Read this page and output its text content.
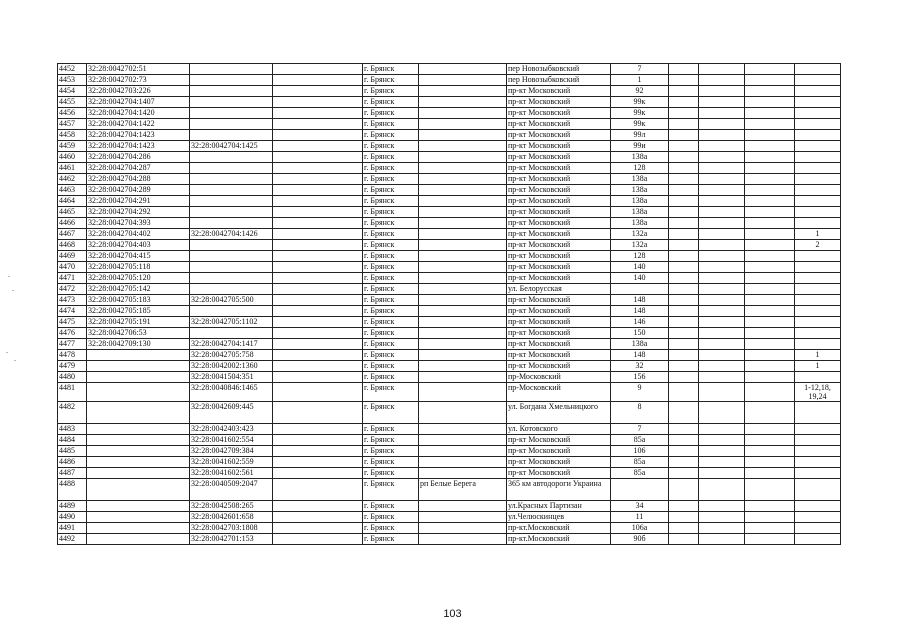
4452	32:28:0042702:51			г. Брянск		пер Новозыбковский	7				
4453	32:28:0042702:73			г. Брянск		пер Новозыбковский	1				
4454	32:28:0042703:226			г. Брянск		пр-кт Московский	92				
4455	32:28:0042704:1407			г. Брянск		пр-кт Московский	99к				
4456	32:28:0042704:1420			г. Брянск		пр-кт Московский	99к				
4457	32:28:0042704:1422			г. Брянск		пр-кт Московский	99к				
4458	32:28:0042704:1423			г. Брянск		пр-кт Московский	99л				
4459	32:28:0042704:1423	32:28:0042704:1425		г. Брянск		пр-кт Московский	99и				
4460	32:28:0042704:286			г. Брянск		пр-кт Московский	138а				
4461	32:28:0042704:287			г. Брянск		пр-кт Московский	128				
4462	32:28:0042704:288			г. Брянск		пр-кт Московский	138а				
4463	32:28:0042704:289			г. Брянск		пр-кт Московский	138а				
4464	32:28:0042704:291			г. Брянск		пр-кт Московский	138а				
4465	32:28:0042704:292			г. Брянск		пр-кт Московский	138а				
4466	32:28:0042704:393			г. Брянск		пр-кт Московский	138а				
4467	32:28:0042704:402	32:28:0042704:1426		г. Брянск		пр-кт Московский	132а				1
4468	32:28:0042704:403			г. Брянск		пр-кт Московский	132а				2
4469	32:28:0042704:415			г. Брянск		пр-кт Московский	128				
4470	32:28:0042705:118			г. Брянск		пр-кт Московский	140				
4471	32:28:0042705:120			г. Брянск		пр-кт Московский	140				
4472	32:28:0042705:142			г. Брянск		ул. Белорусская					
4473	32:28:0042705:183	32:28:0042705:500		г. Брянск		пр-кт Московский	148				
4474	32:28:0042705:185			г. Брянск		пр-кт Московский	148				
4475	32:28:0042705:191	32:28:0042705:1102		г. Брянск		пр-кт Московский	146				
4476	32:28:0042706:53			г. Брянск		пр-кт Московский	150				
4477	32:28:0042709:130	32:28:0042704:1417		г. Брянск		пр-кт Московский	138а				
4478		32:28:0042705:758		г. Брянск		пр-кт Московский	148				1
4479		32:28:0042002:1360		г. Брянск		пр-кт Московский	32				1
4480		32:28:0041504:351		г. Брянск		пр-Московский	156				
4481		32:28:0040846:1465		г. Брянск		пр-Московский	9				1-12,18, 19,24
4482		32:28:0042609:445		г. Брянск		ул. Богдана Хмельницкого	8				
4483		32:28:0042403:423		г. Брянск		ул. Котовского	7				
4484		32:28:0041602:554		г. Брянск		пр-кт Московский	85а				
4485		32:28:0042709:384		г. Брянск		пр-кт Московский	106				
4486		32:28:0041602:559		г. Брянск		пр-кт Московский	85а				
4487		32:28:0041602:561		г. Брянск		пр-кт Московский	85а				
4488		32:28:0040509:2047		г. Брянск	рп Белые Берега	365 км автодороги Украина					
4489		32:28:0042508:265		г. Брянск		ул.Красных Партизан	34				
4490		32:28:0042601:658		г. Брянск		ул.Челюскинцев	11				
4491		32:28:0042703:1808		г. Брянск		пр-кт.Московский	106а				
4492		32:28:0042701:153		г. Брянск		пр-кт.Московский	90б				
103
